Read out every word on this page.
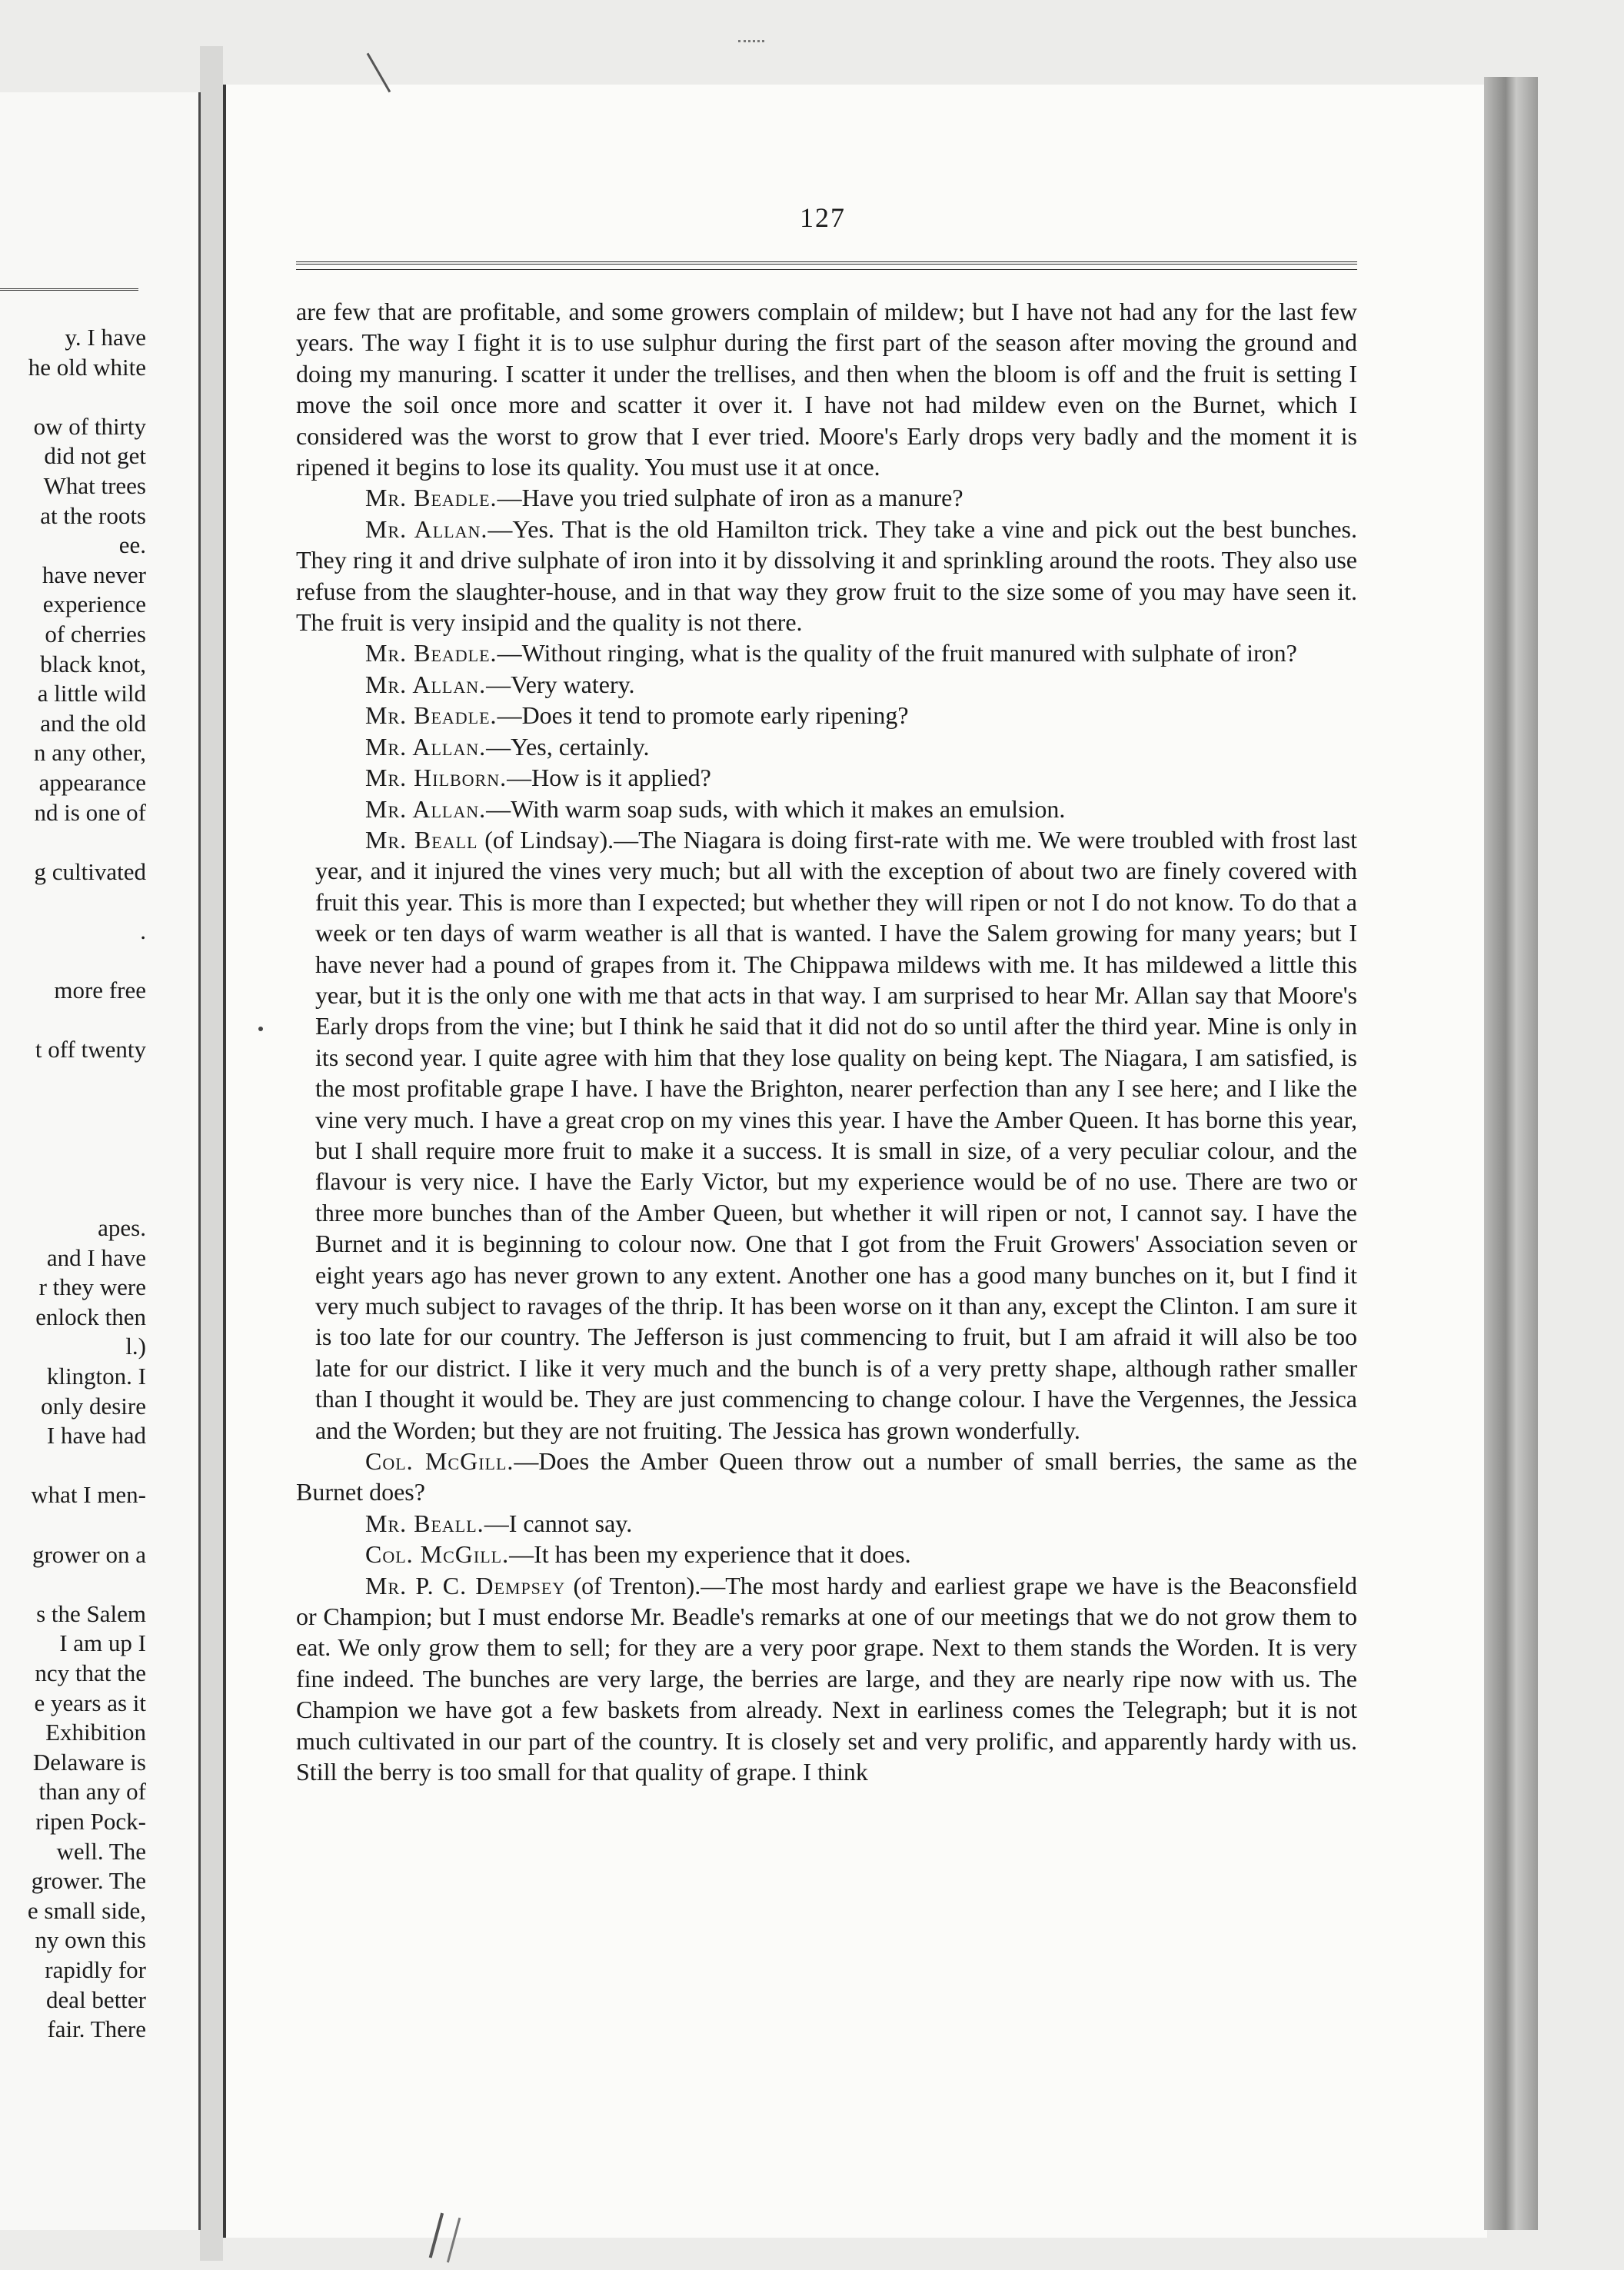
y. I have
he old white
ow of thirty
did not get
What trees
at the roots
ee.
have never
experience
of cherries
black knot,
a little wild
and the old
n any other,
appearance
nd is one of
g cultivated
.
more free
t off twenty
apes.
and I have
r they were
enlock then
l.)
klington. I
only desire
I have had
what I men-
grower on a
s the Salem
I am up I
ncy that the
e years as it
Exhibition
Delaware is
than any of
ripen Pock-
well. The
grower. The
e small side,
ny own this
rapidly for
deal better
fair. There
127

are few that are profitable, and some growers complain of mildew; but I have not had any for the last few years. The way I fight it is to use sulphur during the first part of the season after moving the ground and doing my manuring. I scatter it under the trellises, and then when the bloom is off and the fruit is setting I move the soil once more and scatter it over it. I have not had mildew even on the Burnet, which I considered was the worst to grow that I ever tried. Moore's Early drops very badly and the moment it is ripened it begins to lose its quality. You must use it at once.

Mr. Beadle.—Have you tried sulphate of iron as a manure?

Mr. Allan.—Yes. That is the old Hamilton trick. They take a vine and pick out the best bunches. They ring it and drive sulphate of iron into it by dissolving it and sprinkling around the roots. They also use refuse from the slaughter-house, and in that way they grow fruit to the size some of you may have seen it. The fruit is very insipid and the quality is not there.

Mr. Beadle.—Without ringing, what is the quality of the fruit manured with sulphate of iron?

Mr. Allan.—Very watery.

Mr. Beadle.—Does it tend to promote early ripening?

Mr. Allan.—Yes, certainly.

Mr. Hilborn.—How is it applied?

Mr. Allan.—With warm soap suds, with which it makes an emulsion.

Mr. Beall (of Lindsay).—The Niagara is doing first-rate with me. We were troubled with frost last year, and it injured the vines very much; but all with the exception of about two are finely covered with fruit this year. This is more than I expected; but whether they will ripen or not I do not know. To do that a week or ten days of warm weather is all that is wanted. I have the Salem growing for many years; but I have never had a pound of grapes from it. The Chippawa mildews with me. It has mildewed a little this year, but it is the only one with me that acts in that way. I am surprised to hear Mr. Allan say that Moore's Early drops from the vine; but I think he said that it did not do so until after the third year. Mine is only in its second year. I quite agree with him that they lose quality on being kept. The Niagara, I am satisfied, is the most profitable grape I have. I have the Brighton, nearer perfection than any I see here; and I like the vine very much. I have a great crop on my vines this year. I have the Amber Queen. It has borne this year, but I shall require more fruit to make it a success. It is small in size, of a very peculiar colour, and the flavour is very nice. I have the Early Victor, but my experience would be of no use. There are two or three more bunches than of the Amber Queen, but whether it will ripen or not, I cannot say. I have the Burnet and it is beginning to colour now. One that I got from the Fruit Growers' Association seven or eight years ago has never grown to any extent. Another one has a good many bunches on it, but I find it very much subject to ravages of the thrip. It has been worse on it than any, except the Clinton. I am sure it is too late for our country. The Jefferson is just commencing to fruit, but I am afraid it will also be too late for our district. I like it very much and the bunch is of a very pretty shape, although rather smaller than I thought it would be. They are just commencing to change colour. I have the Vergennes, the Jessica and the Worden; but they are not fruiting. The Jessica has grown wonderfully.

Col. McGill.—Does the Amber Queen throw out a number of small berries, the same as the Burnet does?

Mr. Beall.—I cannot say.

Col. McGill.—It has been my experience that it does.

Mr. P. C. Dempsey (of Trenton).—The most hardy and earliest grape we have is the Beaconsfield or Champion; but I must endorse Mr. Beadle's remarks at one of our meetings that we do not grow them to eat. We only grow them to sell; for they are a very poor grape. Next to them stands the Worden. It is very fine indeed. The bunches are very large, the berries are large, and they are nearly ripe now with us. The Champion we have got a few baskets from already. Next in earliness comes the Telegraph; but it is not much cultivated in our part of the country. It is closely set and very prolific, and apparently hardy with us. Still the berry is too small for that quality of grape. I think
